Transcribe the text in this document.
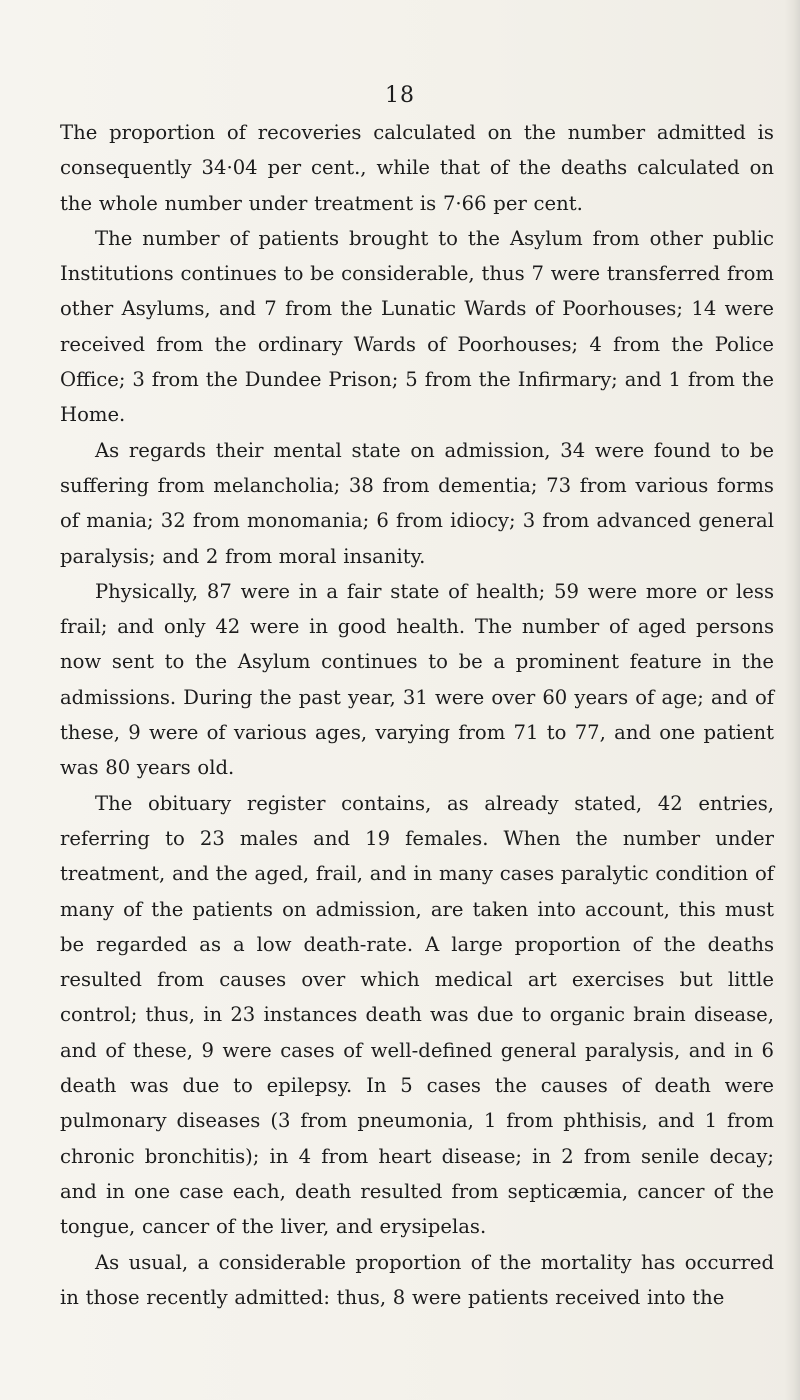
18

The proportion of recoveries calculated on the number admitted is consequently 34·04 per cent., while that of the deaths calculated on the whole number under treatment is 7·66 per cent.

The number of patients brought to the Asylum from other public Institutions continues to be considerable, thus 7 were transferred from other Asylums, and 7 from the Lunatic Wards of Poorhouses; 14 were received from the ordinary Wards of Poorhouses; 4 from the Police Office; 3 from the Dundee Prison; 5 from the Infirmary; and 1 from the Home.

As regards their mental state on admission, 34 were found to be suffering from melancholia; 38 from dementia; 73 from various forms of mania; 32 from monomania; 6 from idiocy; 3 from advanced general paralysis; and 2 from moral insanity.

Physically, 87 were in a fair state of health; 59 were more or less frail; and only 42 were in good health. The number of aged persons now sent to the Asylum continues to be a prominent feature in the admissions. During the past year, 31 were over 60 years of age; and of these, 9 were of various ages, varying from 71 to 77, and one patient was 80 years old.

The obituary register contains, as already stated, 42 entries, referring to 23 males and 19 females. When the number under treatment, and the aged, frail, and in many cases paralytic condition of many of the patients on admission, are taken into account, this must be regarded as a low death-rate. A large proportion of the deaths resulted from causes over which medical art exercises but little control; thus, in 23 instances death was due to organic brain disease, and of these, 9 were cases of well-defined general paralysis, and in 6 death was due to epilepsy. In 5 cases the causes of death were pulmonary diseases (3 from pneumonia, 1 from phthisis, and 1 from chronic bronchitis); in 4 from heart disease; in 2 from senile decay; and in one case each, death resulted from septicæmia, cancer of the tongue, cancer of the liver, and erysipelas.

As usual, a considerable proportion of the mortality has occurred in those recently admitted: thus, 8 were patients received into the
